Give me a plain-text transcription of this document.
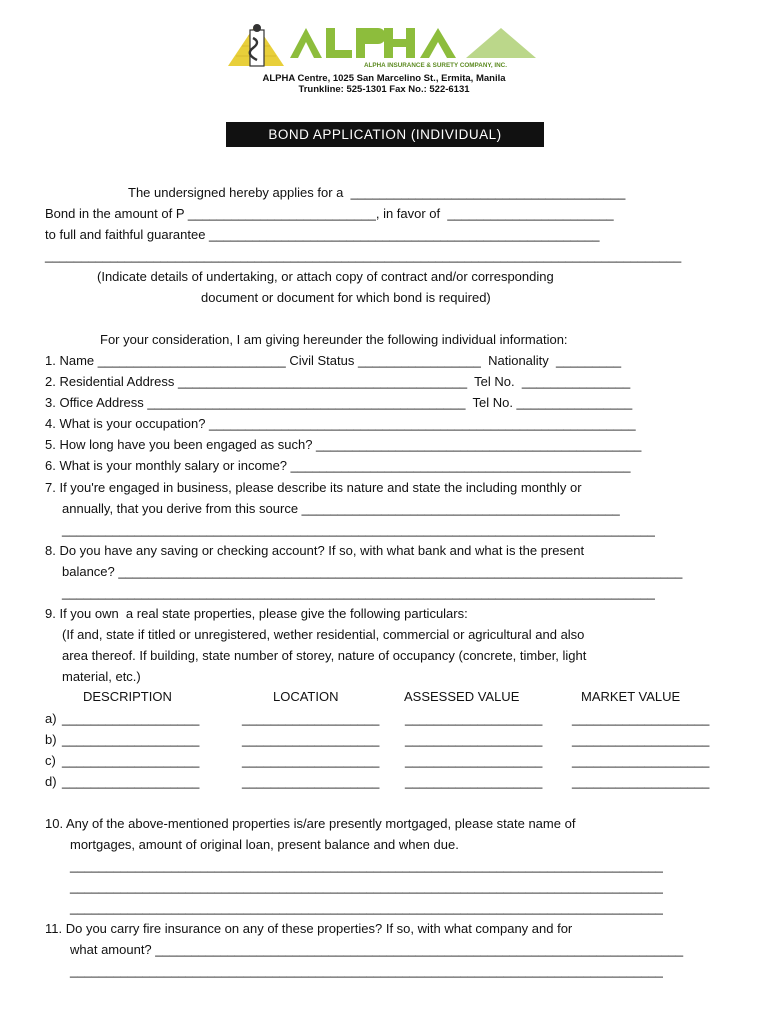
ALPHA INSURANCE & SURETY COMPANY, INC.
ALPHA Centre, 1025 San Marcelino St., Ermita, Manila
Trunkline: 525-1301 Fax No.: 522-6131
BOND APPLICATION (INDIVIDUAL)
The undersigned hereby applies for a  ______________________________________
Bond in the amount of P __________________________, in favor of  _______________________
to full and faithful guarantee ______________________________________________________
________________________________________________________________________________________
(Indicate details of undertaking, or attach copy of contract and/or corresponding
document or document for which bond is required)
For your consideration, I am giving hereunder the following individual information:
1. Name __________________________ Civil Status _________________  Nationality  _________
2. Residential Address ________________________________________  Tel No.  _______________
3. Office Address ____________________________________________  Tel No. ________________
4. What is your occupation? ___________________________________________________________
5. How long have you been engaged as such? _____________________________________________
6. What is your monthly salary or income? _______________________________________________
7. If you're engaged in business, please describe its nature and state the including monthly or
annually, that you derive from this source ____________________________________________
__________________________________________________________________________________
8. Do you have any saving or checking account? If so, with what bank and what is the present
balance? ______________________________________________________________________________
__________________________________________________________________________________
9. If you own  a real state properties, please give the following particulars:
(If and, state if titled or unregistered, wether residential, commercial or agricultural and also
area thereof. If building, state number of storey, nature of occupancy (concrete, timber, light
material, etc.)
DESCRIPTION	LOCATION	ASSESSED VALUE	MARKET VALUE
a) ___________________	___________________ ___________________ ___________________
b) ___________________	___________________ ___________________ ___________________
c) ___________________	___________________ ___________________ ___________________
d) ___________________	___________________ ___________________ ___________________
10. Any of the above-mentioned properties is/are presently mortgaged, please state name of
mortgages, amount of original loan, present balance and when due.
__________________________________________________________________________________
__________________________________________________________________________________
__________________________________________________________________________________
11. Do you carry fire insurance on any of these properties? If so, with what company and for
what amount? _________________________________________________________________________
__________________________________________________________________________________
